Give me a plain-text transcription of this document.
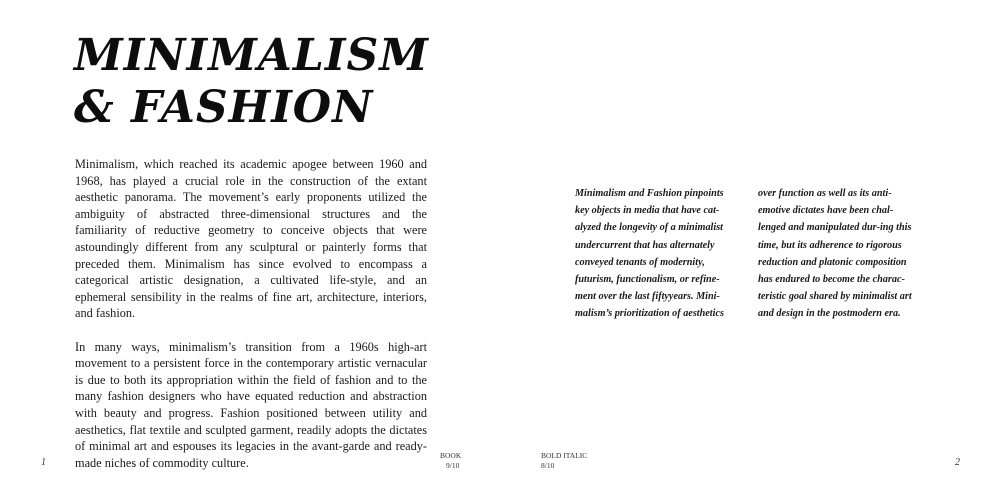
MINIMALISM
& FASHION

Minimalism, which reached its academic apogee between 1960 and 1968, has played a crucial role in the construction of the extant aesthetic panorama. The movement’s early proponents utilized the ambiguity of abstracted three-dimensional structures and the familiarity of reductive geometry to conceive objects that were astoundingly different from any sculptural or painterly forms that preceded them. Minimalism has since evolved to encompass a categorical artistic designation, a cultivated life-style, and an ephemeral sensibility in the realms of fine art, architecture, interiors, and fashion.

In many ways, minimalism’s transition from a 1960s high-art movement to a persistent force in the contemporary artistic vernacular is due to both its appropriation within the field of fashion and to the many fashion designers who have equated reduction and abstraction with beauty and progress. Fashion positioned between utility and aesthetics, flat textile and sculpted garment, readily adopts the dictates of minimal art and espouses its legacies in the avant-garde and ready-made niches of commodity culture.

Minimalism and Fashion pinpoints key objects in media that have cat-alyzed the longevity of a minimalist undercurrent that has alternately conveyed tenants of modernity, futurism, functionalism, or refine-ment over the last fiftyyears. Mini-malism’s prioritization of aesthetics

over function as well as its anti-emotive dictates have been chal-lenged and manipulated dur-ing this time, but its adherence to rigorous reduction and platonic composition has endured to become the charac-teristic goal shared by minimalist art and design in the postmodern era.

1	2
BOOK
9/10
BOLD ITALIC
8/10
